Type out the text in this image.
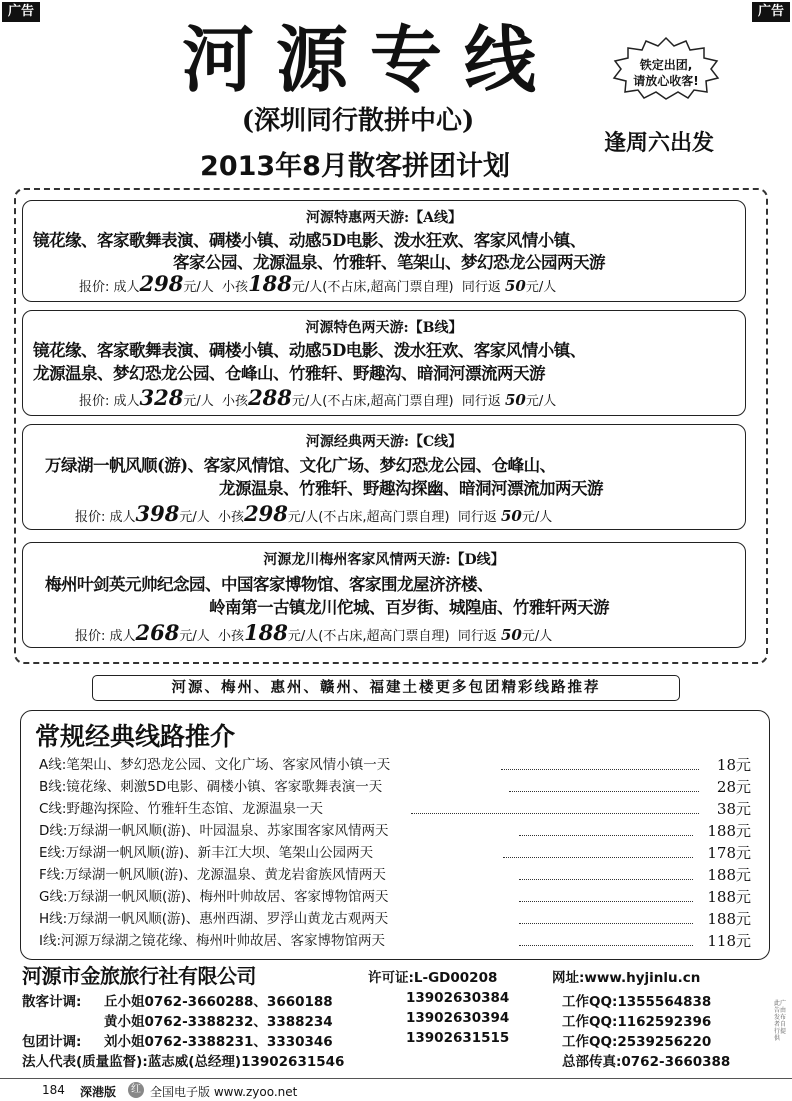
广告	广告
河源专线
(深圳同行散拼中心)
2013年8月散客拼团计划
铁定出团,
请放心收客!
逢周六出发
河源特惠两天游:【A线】
镜花缘、客家歌舞表演、碉楼小镇、动感5D电影、泼水狂欢、客家风情小镇、
客家公园、龙源温泉、竹雅轩、笔架山、梦幻恐龙公园两天游
报价: 成人298元/人 小孩188元/人(不占床,超高门票自理) 同行返 50元/人
河源特色两天游:【B线】
镜花缘、客家歌舞表演、碉楼小镇、动感5D电影、泼水狂欢、客家风情小镇、
龙源温泉、梦幻恐龙公园、仓峰山、竹雅轩、野趣沟、暗洞河漂流两天游
报价: 成人328元/人 小孩288元/人(不占床,超高门票自理) 同行返 50元/人
河源经典两天游:【C线】
万绿湖一帆风顺(游)、客家风情馆、文化广场、梦幻恐龙公园、仓峰山、
龙源温泉、竹雅轩、野趣沟探幽、暗洞河漂流加两天游
报价: 成人398元/人 小孩298元/人(不占床,超高门票自理) 同行返 50元/人
河源龙川梅州客家风情两天游:【D线】
梅州叶剑英元帅纪念园、中国客家博物馆、客家围龙屋济济楼、
岭南第一古镇龙川佗城、百岁街、城隍庙、竹雅轩两天游
报价: 成人268元/人 小孩188元/人(不占床,超高门票自理) 同行返 50元/人
河源、梅州、惠州、赣州、福建土楼更多包团精彩线路推荐
常规经典线路推介
A线:笔架山、梦幻恐龙公园、文化广场、客家风情小镇一天	18元
B线:镜花缘、刺激5D电影、碉楼小镇、客家歌舞表演一天	28元
C线:野趣沟探险、竹雅轩生态馆、龙源温泉一天	38元
D线:万绿湖一帆风顺(游)、叶园温泉、苏家围客家风情两天	188元
E线:万绿湖一帆风顺(游)、新丰江大坝、笔架山公园两天	178元
F线:万绿湖一帆风顺(游)、龙源温泉、黄龙岩畲族风情两天	188元
G线:万绿湖一帆风顺(游)、梅州叶帅故居、客家博物馆两天	188元
H线:万绿湖一帆风顺(游)、惠州西湖、罗浮山黄龙古观两天	188元
I线:河源万绿湖之镜花缘、梅州叶帅故居、客家博物馆两天	118元
河源市金旅旅行社有限公司	许可证:L-GD00208	网址:www.hyjinlu.cn
散客计调: 丘小姐0762-3660288、3660188	13902630384	工作QQ:1355564838
黄小姐0762-3388232、3388234	13902630394	工作QQ:1162592396
包团计调: 刘小姐0762-3388231、3330346	13902631515	工作QQ:2539256220
法人代表(质量监督):蓝志威(总经理)13902631546	总部传真:0762-3660388
此广告由发布者自行提供
184 深港版	红 全国电子版 www.zyoo.net
